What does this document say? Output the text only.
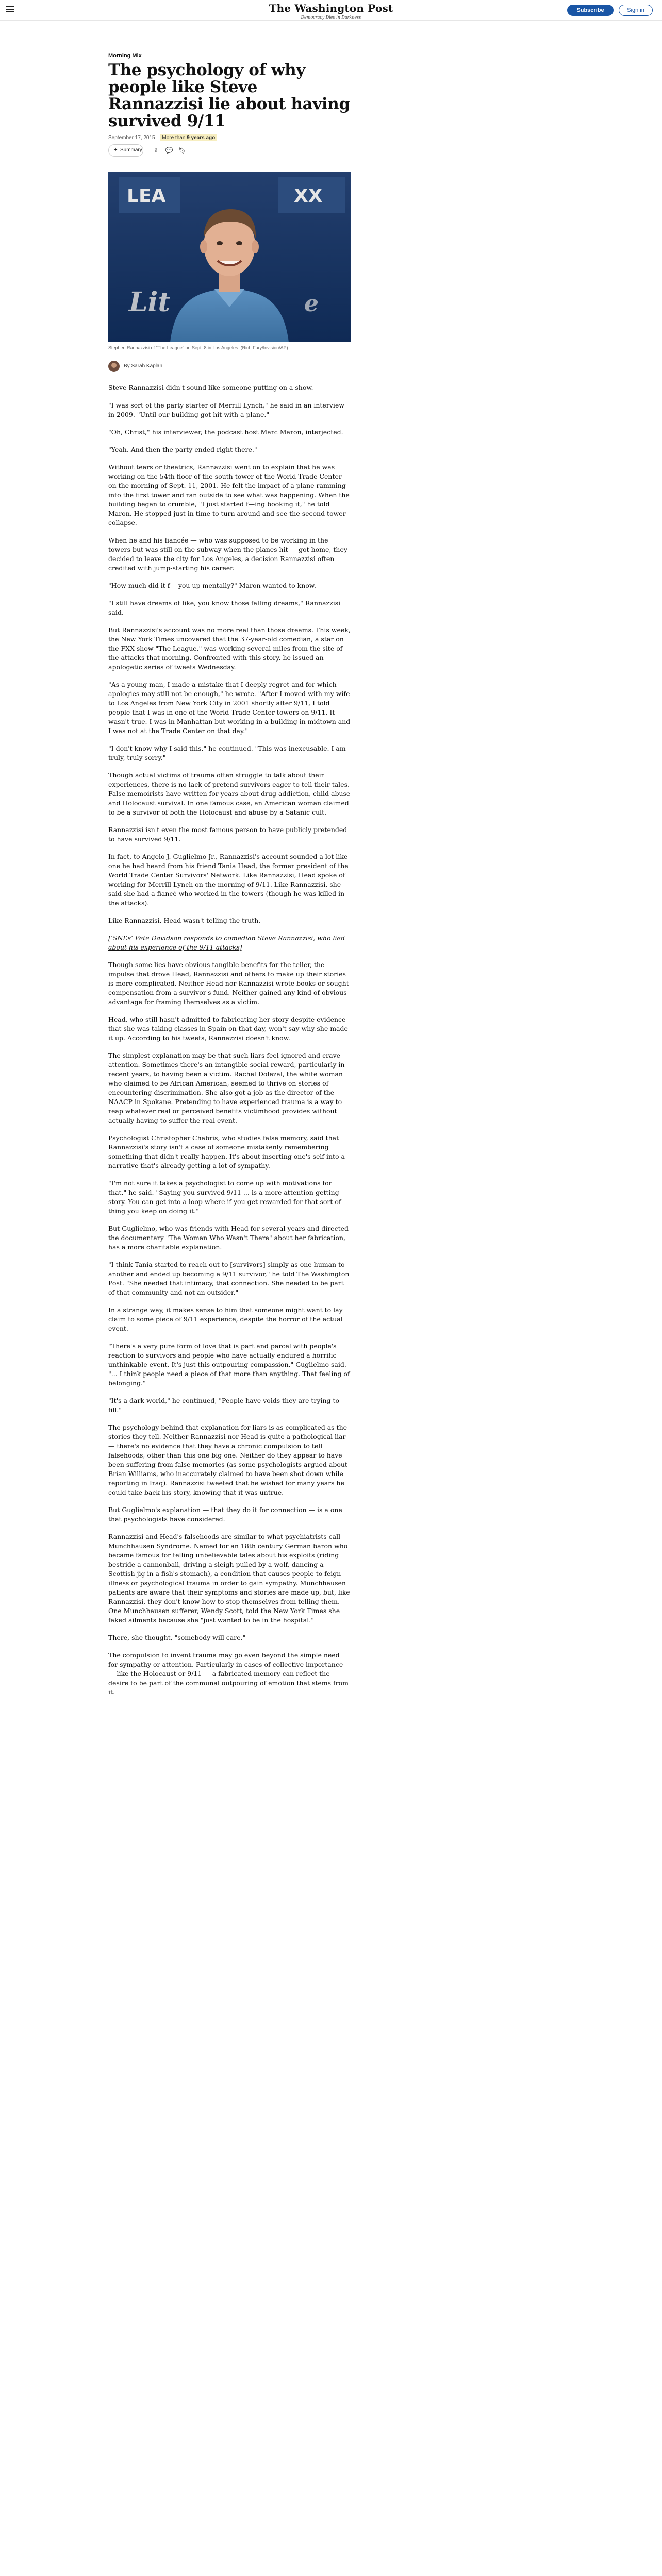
The Washington Post
Democracy Dies in Darkness
Subscribe	Sign in
Morning Mix
The psychology of why people like Steve Rannazzisi lie about having survived 9/11
September 17, 2015 More than 9 years ago
✦ Summary	⇪	💬 🔖︎
LEA	XX
Lit	e
Stephen Rannazzisi of "The League" on Sept. 8 in Los Angeles. (Rich Fury/Invision/AP)
By Sarah Kaplan

Steve Rannazzisi didn't sound like someone putting on a show.

"I was sort of the party starter of Merrill Lynch," he said in an interview in 2009. "Until our building got hit with a plane."

"Oh, Christ," his interviewer, the podcast host Marc Maron, interjected.

"Yeah. And then the party ended right there."

Without tears or theatrics, Rannazzisi went on to explain that he was working on the 54th floor of the south tower of the World Trade Center on the morning of Sept. 11, 2001. He felt the impact of a plane ramming into the first tower and ran outside to see what was happening. When the building began to crumble, "I just started f—ing booking it," he told Maron. He stopped just in time to turn around and see the second tower collapse.

When he and his fiancée — who was supposed to be working in the towers but was still on the subway when the planes hit — got home, they decided to leave the city for Los Angeles, a decision Rannazzisi often credited with jump-starting his career.

"How much did it f— you up mentally?" Maron wanted to know.

"I still have dreams of like, you know those falling dreams," Rannazzisi said.

But Rannazzisi's account was no more real than those dreams. This week, the New York Times uncovered that the 37-year-old comedian, a star on the FXX show "The League," was working several miles from the site of the attacks that morning. Confronted with this story, he issued an apologetic series of tweets Wednesday.

"As a young man, I made a mistake that I deeply regret and for which apologies may still not be enough," he wrote. "After I moved with my wife to Los Angeles from New York City in 2001 shortly after 9/11, I told people that I was in one of the World Trade Center towers on 9/11. It wasn't true. I was in Manhattan but working in a building in midtown and I was not at the Trade Center on that day."

"I don't know why I said this," he continued. "This was inexcusable. I am truly, truly sorry."

Though actual victims of trauma often struggle to talk about their experiences, there is no lack of pretend survivors eager to tell their tales. False memoirists have written for years about drug addiction, child abuse and Holocaust survival. In one famous case, an American woman claimed to be a survivor of both the Holocaust and abuse by a Satanic cult.

Rannazzisi isn't even the most famous person to have publicly pretended to have survived 9/11.

In fact, to Angelo J. Guglielmo Jr., Rannazzisi's account sounded a lot like one he had heard from his friend Tania Head, the former president of the World Trade Center Survivors' Network. Like Rannazzisi, Head spoke of working for Merrill Lynch on the morning of 9/11. Like Rannazzisi, she said she had a fiancé who worked in the towers (though he was killed in the attacks).

Like Rannazzisi, Head wasn't telling the truth.

[‘SNL’s’ Pete Davidson responds to comedian Steve Rannazzisi, who lied about his experience of the 9/11 attacks]

Though some lies have obvious tangible benefits for the teller, the impulse that drove Head, Rannazzisi and others to make up their stories is more complicated. Neither Head nor Rannazzisi wrote books or sought compensation from a survivor's fund. Neither gained any kind of obvious advantage for framing themselves as a victim.

Head, who still hasn't admitted to fabricating her story despite evidence that she was taking classes in Spain on that day, won't say why she made it up. According to his tweets, Rannazzisi doesn't know.

The simplest explanation may be that such liars feel ignored and crave attention. Sometimes there's an intangible social reward, particularly in recent years, to having been a victim. Rachel Dolezal, the white woman who claimed to be African American, seemed to thrive on stories of encountering discrimination. She also got a job as the director of the NAACP in Spokane. Pretending to have experienced trauma is a way to reap whatever real or perceived benefits victimhood provides without actually having to suffer the real event.

Psychologist Christopher Chabris, who studies false memory, said that Rannazzisi's story isn't a case of someone mistakenly remembering something that didn't really happen. It's about inserting one's self into a narrative that's already getting a lot of sympathy.

"I'm not sure it takes a psychologist to come up with motivations for that," he said. "Saying you survived 9/11 ... is a more attention-getting story. You can get into a loop where if you get rewarded for that sort of thing you keep on doing it."

But Guglielmo, who was friends with Head for several years and directed the documentary "The Woman Who Wasn't There" about her fabrication, has a more charitable explanation.

"I think Tania started to reach out to [survivors] simply as one human to another and ended up becoming a 9/11 survivor," he told The Washington Post. "She needed that intimacy, that connection. She needed to be part of that community and not an outsider."

In a strange way, it makes sense to him that someone might want to lay claim to some piece of 9/11 experience, despite the horror of the actual event.

"There's a very pure form of love that is part and parcel with people's reaction to survivors and people who have actually endured a horrific unthinkable event. It's just this outpouring compassion," Guglielmo said. "... I think people need a piece of that more than anything. That feeling of belonging."

"It's a dark world," he continued, "People have voids they are trying to fill."

The psychology behind that explanation for liars is as complicated as the stories they tell. Neither Rannazzisi nor Head is quite a pathological liar — there's no evidence that they have a chronic compulsion to tell falsehoods, other than this one big one. Neither do they appear to have been suffering from false memories (as some psychologists argued about Brian Williams, who inaccurately claimed to have been shot down while reporting in Iraq). Rannazzisi tweeted that he wished for many years he could take back his story, knowing that it was untrue.

But Guglielmo's explanation — that they do it for connection — is a one that psychologists have considered.

Rannazzisi and Head's falsehoods are similar to what psychiatrists call Munchhausen Syndrome. Named for an 18th century German baron who became famous for telling unbelievable tales about his exploits (riding bestride a cannonball, driving a sleigh pulled by a wolf, dancing a Scottish jig in a fish's stomach), a condition that causes people to feign illness or psychological trauma in order to gain sympathy. Munchhausen patients are aware that their symptoms and stories are made up, but, like Rannazzisi, they don't know how to stop themselves from telling them. One Munchhausen sufferer, Wendy Scott, told the New York Times she faked ailments because she "just wanted to be in the hospital."

There, she thought, "somebody will care."

The compulsion to invent trauma may go even beyond the simple need for sympathy or attention. Particularly in cases of collective importance — like the Holocaust or 9/11 — a fabricated memory can reflect the desire to be part of the communal outpouring of emotion that stems from it.
